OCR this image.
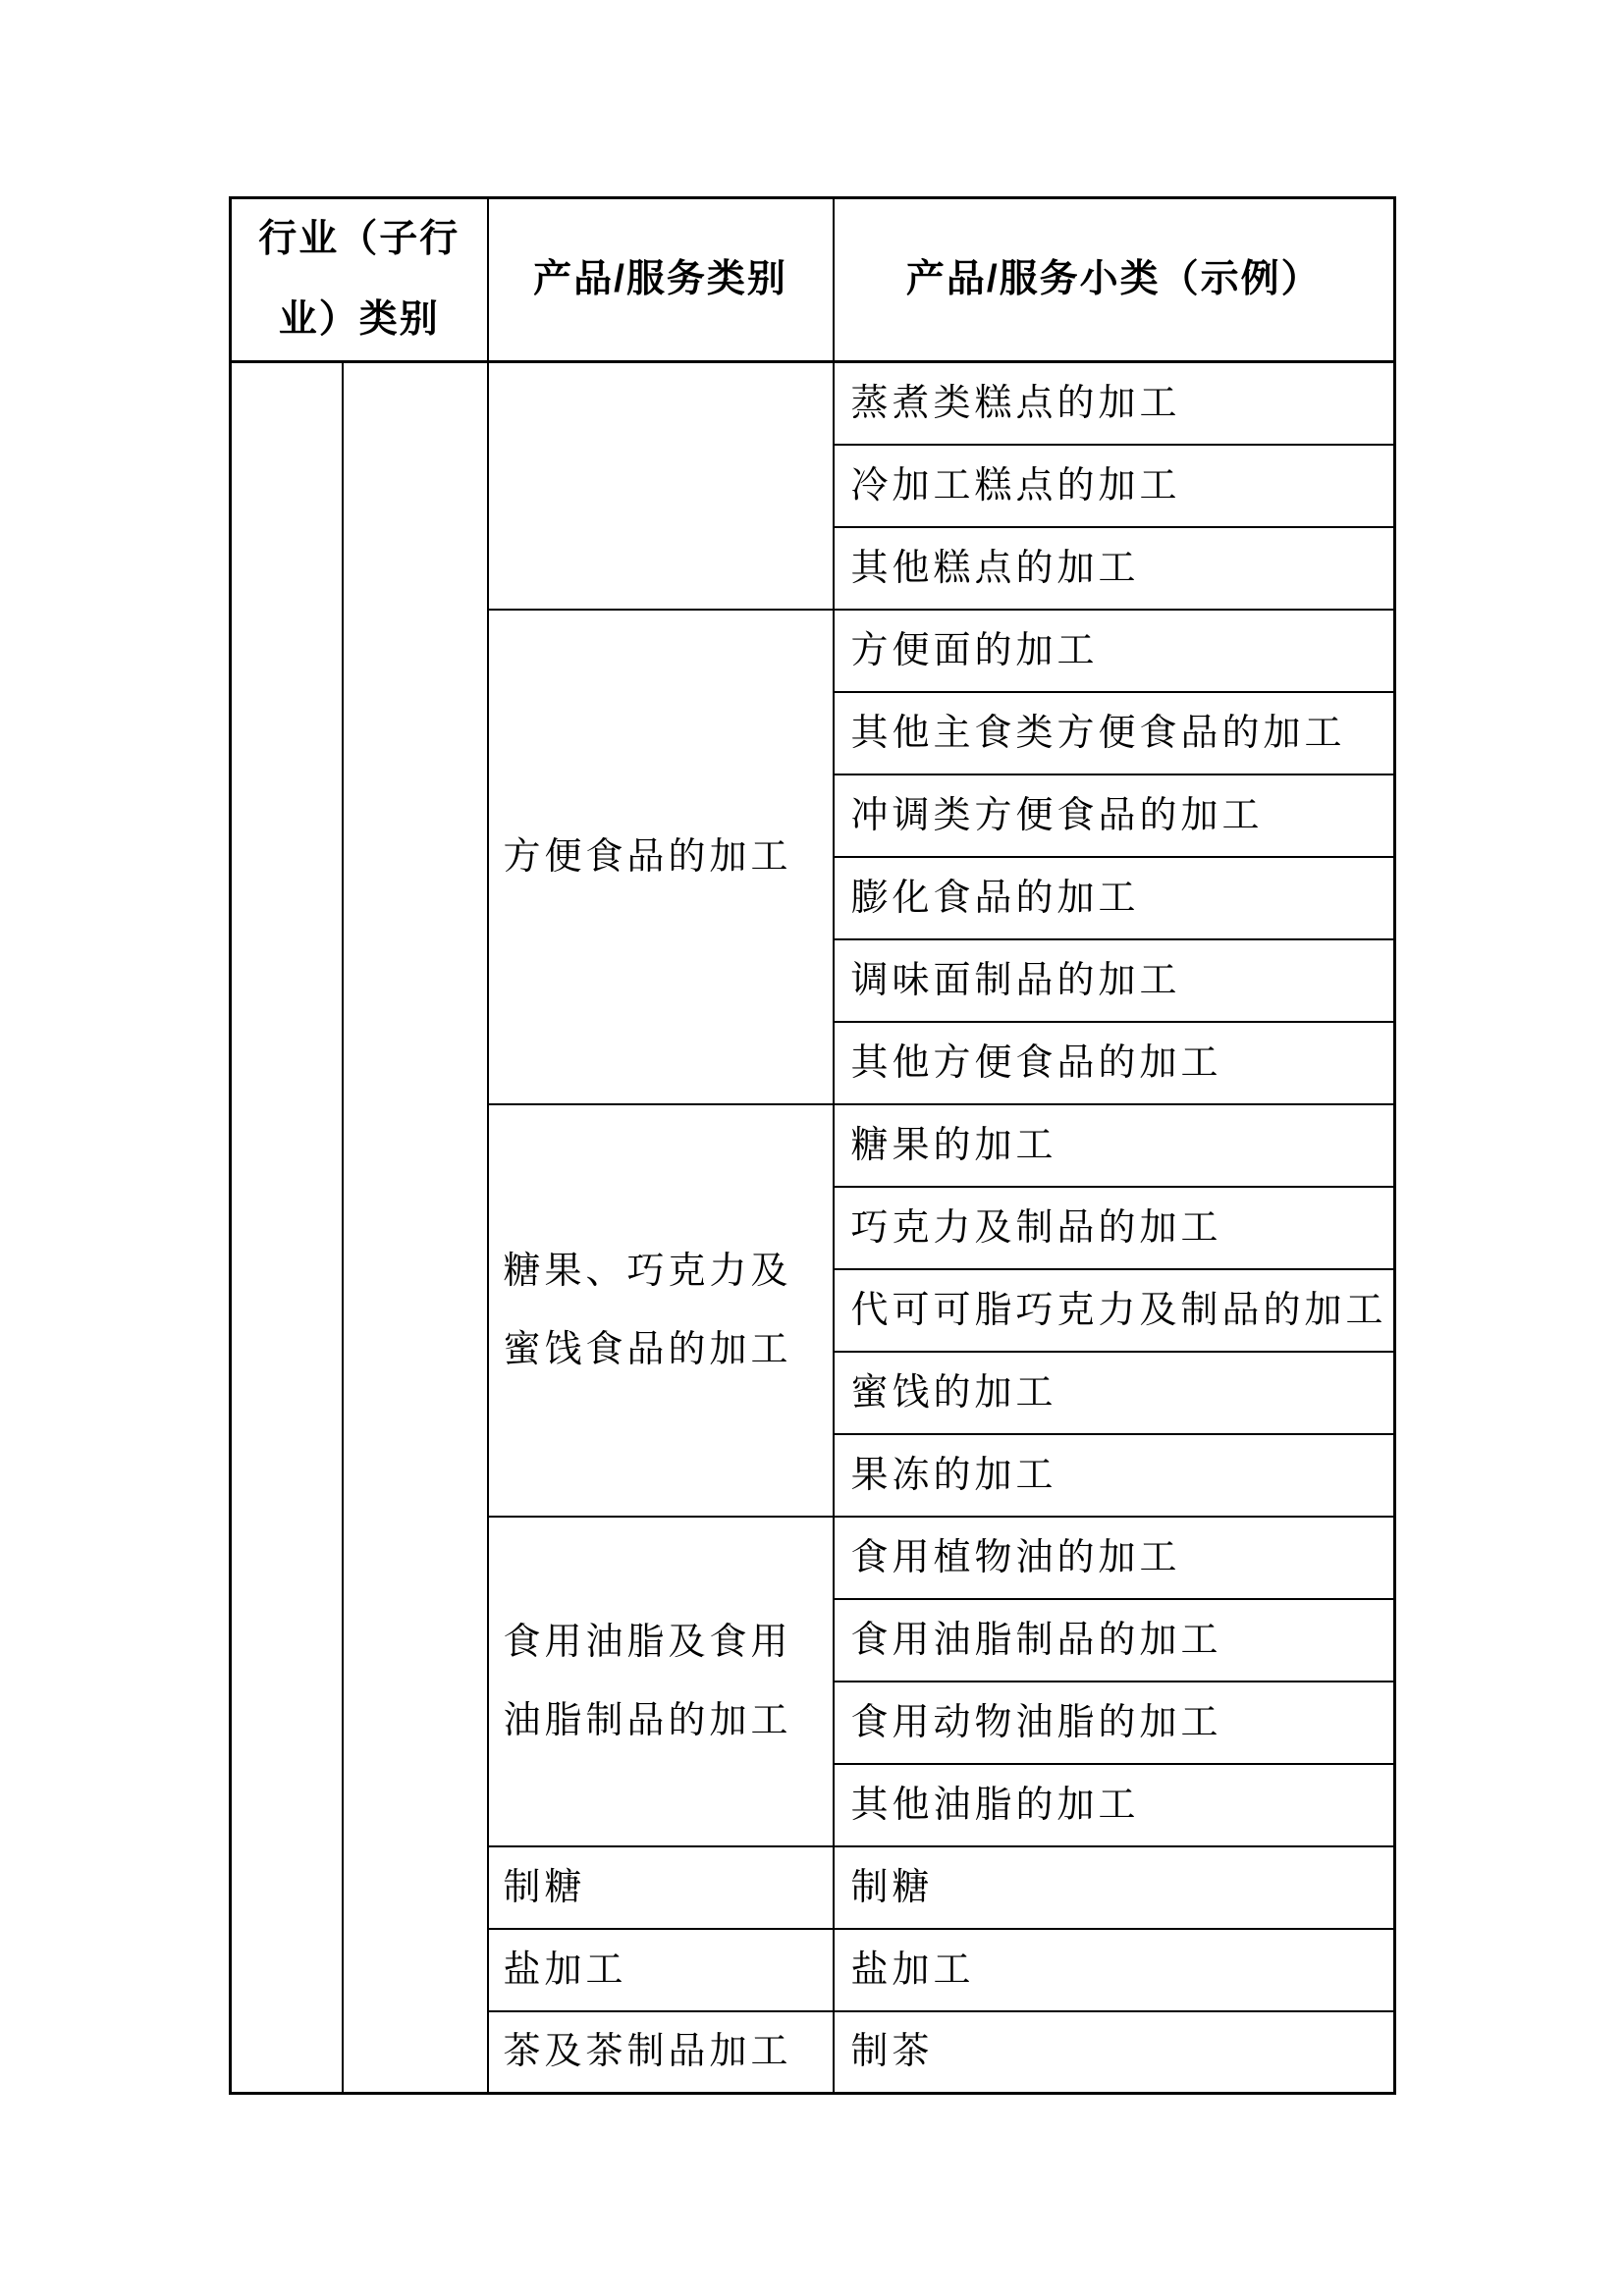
行业（子行业）类别		产品/服务类别	产品/服务小类（示例）
			蒸煮类糕点的加工
			冷加工糕点的加工
			其他糕点的加工
		方便食品的加工	方便面的加工
			其他主食类方便食品的加工
			冲调类方便食品的加工
			膨化食品的加工
			调味面制品的加工
			其他方便食品的加工
		糖果、巧克力及蜜饯食品的加工	糖果的加工
			巧克力及制品的加工
			代可可脂巧克力及制品的加工
			蜜饯的加工
			果冻的加工
		食用油脂及食用油脂制品的加工	食用植物油的加工
			食用油脂制品的加工
			食用动物油脂的加工
			其他油脂的加工
		制糖	制糖
		盐加工	盐加工
		茶及茶制品加工	制茶
